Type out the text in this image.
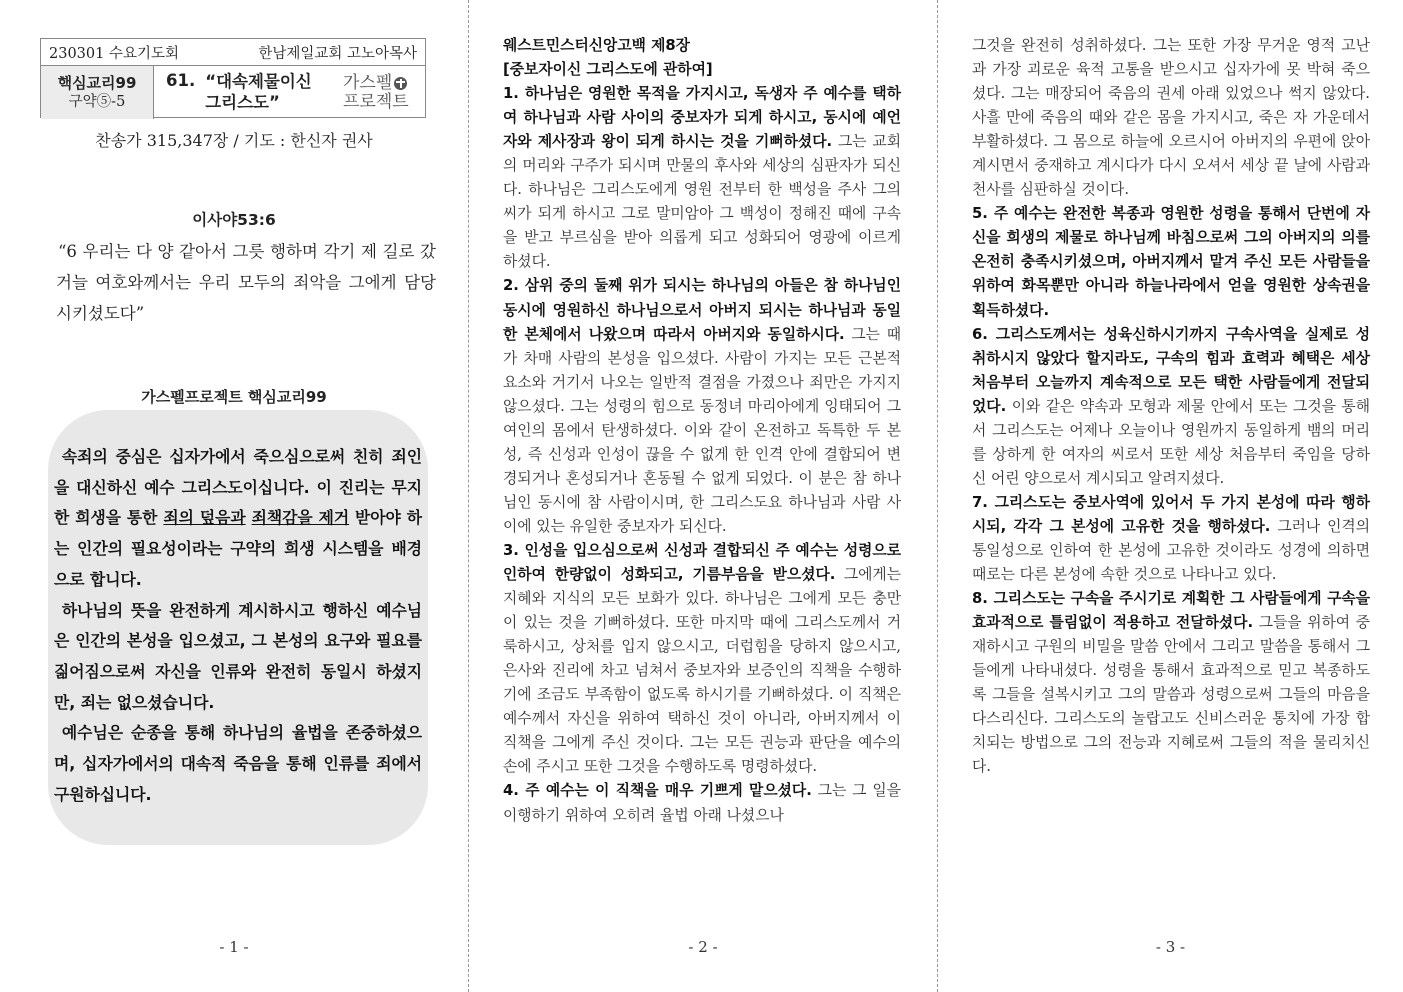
230301 수요기도회	한남제일교회 고노아목사
핵심교리99
구약⑤-5
61. “대속제물이신
그리스도”
가스펠
프로젝트
찬송가 315,347장 / 기도 : 한신자 권사
이사야53:6
“6 우리는 다 양 같아서 그릇 행하며 각기 제 길로 갔거늘 여호와께서는 우리 모두의 죄악을 그에게 담당시키셨도다”
가스펠프로젝트 핵심교리99

속죄의 중심은 십자가에서 죽으심으로써 친히 죄인을 대신하신 예수 그리스도이십니다. 이 진리는 무지한 희생을 통한 죄의 덮음과 죄책감을 제거 받아야 하는 인간의 필요성이라는 구약의 희생 시스템을 배경으로 합니다.

하나님의 뜻을 완전하게 계시하시고 행하신 예수님은 인간의 본성을 입으셨고, 그 본성의 요구와 필요를 짊어짐으로써 자신을 인류와 완전히 동일시 하셨지만, 죄는 없으셨습니다.

예수님은 순종을 통해 하나님의 율법을 존중하셨으며, 십자가에서의 대속적 죽음을 통해 인류를 죄에서 구원하십니다.

- 1 -

웨스트민스터신앙고백 제8장

[중보자이신 그리스도에 관하여]

1. 하나님은 영원한 목적을 가지시고, 독생자 주 예수를 택하여 하나님과 사람 사이의 중보자가 되게 하시고, 동시에 예언자와 제사장과 왕이 되게 하시는 것을 기뻐하셨다. 그는 교회의 머리와 구주가 되시며 만물의 후사와 세상의 심판자가 되신다. 하나님은 그리스도에게 영원 전부터 한 백성을 주사 그의 씨가 되게 하시고 그로 말미암아 그 백성이 정해진 때에 구속을 받고 부르심을 받아 의롭게 되고 성화되어 영광에 이르게 하셨다.

2. 삼위 중의 둘째 위가 되시는 하나님의 아들은 참 하나님인 동시에 영원하신 하나님으로서 아버지 되시는 하나님과 동일한 본체에서 나왔으며 따라서 아버지와 동일하시다. 그는 때가 차매 사람의 본성을 입으셨다. 사람이 가지는 모든 근본적 요소와 거기서 나오는 일반적 결점을 가졌으나 죄만은 가지지 않으셨다. 그는 성령의 힘으로 동정녀 마리아에게 잉태되어 그 여인의 몸에서 탄생하셨다. 이와 같이 온전하고 독특한 두 본성, 즉 신성과 인성이 끊을 수 없게 한 인격 안에 결합되어 변경되거나 혼성되거나 혼동될 수 없게 되었다. 이 분은 참 하나님인 동시에 참 사람이시며, 한 그리스도요 하나님과 사람 사이에 있는 유일한 중보자가 되신다.

3. 인성을 입으심으로써 신성과 결합되신 주 예수는 성령으로 인하여 한량없이 성화되고, 기름부음을 받으셨다. 그에게는 지혜와 지식의 모든 보화가 있다. 하나님은 그에게 모든 충만이 있는 것을 기뻐하셨다. 또한 마지막 때에 그리스도께서 거룩하시고, 상처를 입지 않으시고, 더럽힘을 당하지 않으시고, 은사와 진리에 차고 넘쳐서 중보자와 보증인의 직책을 수행하기에 조금도 부족함이 없도록 하시기를 기뻐하셨다. 이 직책은 예수께서 자신을 위하여 택하신 것이 아니라, 아버지께서 이 직책을 그에게 주신 것이다. 그는 모든 권능과 판단을 예수의 손에 주시고 또한 그것을 수행하도록 명령하셨다.

4. 주 예수는 이 직책을 매우 기쁘게 맡으셨다. 그는 그 일을 이행하기 위하여 오히려 율법 아래 나셨으나

- 2 -

그것을 완전히 성취하셨다. 그는 또한 가장 무거운 영적 고난과 가장 괴로운 육적 고통을 받으시고 십자가에 못 박혀 죽으셨다. 그는 매장되어 죽음의 권세 아래 있었으나 썩지 않았다. 사흘 만에 죽음의 때와 같은 몸을 가지시고, 죽은 자 가운데서 부활하셨다. 그 몸으로 하늘에 오르시어 아버지의 우편에 앉아 계시면서 중재하고 계시다가 다시 오셔서 세상 끝 날에 사람과 천사를 심판하실 것이다.

5. 주 예수는 완전한 복종과 영원한 성령을 통해서 단번에 자신을 희생의 제물로 하나님께 바침으로써 그의 아버지의 의를 온전히 충족시키셨으며, 아버지께서 맡겨 주신 모든 사람들을 위하여 화목뿐만 아니라 하늘나라에서 얻을 영원한 상속권을 획득하셨다.

6. 그리스도께서는 성육신하시기까지 구속사역을 실제로 성취하시지 않았다 할지라도, 구속의 힘과 효력과 혜택은 세상 처음부터 오늘까지 계속적으로 모든 택한 사람들에게 전달되었다. 이와 같은 약속과 모형과 제물 안에서 또는 그것을 통해서 그리스도는 어제나 오늘이나 영원까지 동일하게 뱀의 머리를 상하게 한 여자의 씨로서 또한 세상 처음부터 죽임을 당하신 어린 양으로서 계시되고 알려지셨다.

7. 그리스도는 중보사역에 있어서 두 가지 본성에 따라 행하시되, 각각 그 본성에 고유한 것을 행하셨다. 그러나 인격의 통일성으로 인하여 한 본성에 고유한 것이라도 성경에 의하면 때로는 다른 본성에 속한 것으로 나타나고 있다.

8. 그리스도는 구속을 주시기로 계획한 그 사람들에게 구속을 효과적으로 틀림없이 적용하고 전달하셨다. 그들을 위하여 중재하시고 구원의 비밀을 말씀 안에서 그리고 말씀을 통해서 그들에게 나타내셨다. 성령을 통해서 효과적으로 믿고 복종하도록 그들을 설복시키고 그의 말씀과 성령으로써 그들의 마음을 다스리신다. 그리스도의 놀랍고도 신비스러운 통치에 가장 합치되는 방법으로 그의 전능과 지혜로써 그들의 적을 물리치신다.

- 3 -
